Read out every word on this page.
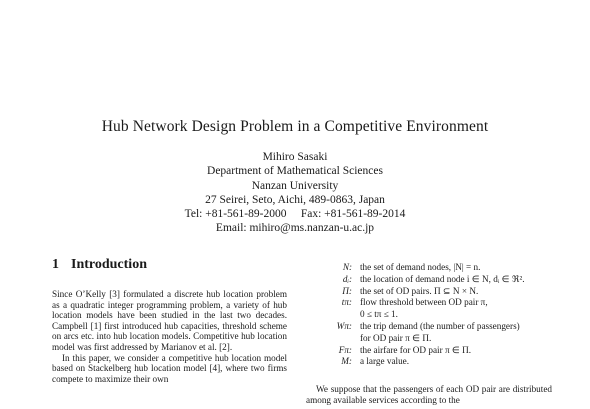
Hub Network Design Problem in a Competitive Environment
Mihiro Sasaki
Department of Mathematical Sciences
Nanzan University
27 Seirei, Seto, Aichi, 489-0863, Japan
Tel: +81-561-89-2000     Fax: +81-561-89-2014
Email: mihiro@ms.nanzan-u.ac.jp
1 Introduction

Since O’Kelly [3] formulated a discrete hub location problem as a quadratic integer programming problem, a variety of hub location models have been studied in the last two decades. Campbell [1] first introduced hub capacities, threshold scheme on arcs etc. into hub location models. Competitive hub location model was first addressed by Marianov et al. [2].

In this paper, we consider a competitive hub location model based on Stackelberg hub location model [4], where two firms compete to maximize their own

N: the set of demand nodes, |N| = n.
dᵢ: the location of demand node i ∈ N, dᵢ ∈ ℜ².
Π: the set of OD pairs. Π ⊆ N × N.
tπ: flow threshold between OD pair π,
0 ≤ tπ ≤ 1.
Wπ: the trip demand (the number of passengers)
for OD pair π ∈ Π.
Fπ: the airfare for OD pair π ∈ Π.
M: a large value.

We suppose that the passengers of each OD pair are distributed among available services according to the
